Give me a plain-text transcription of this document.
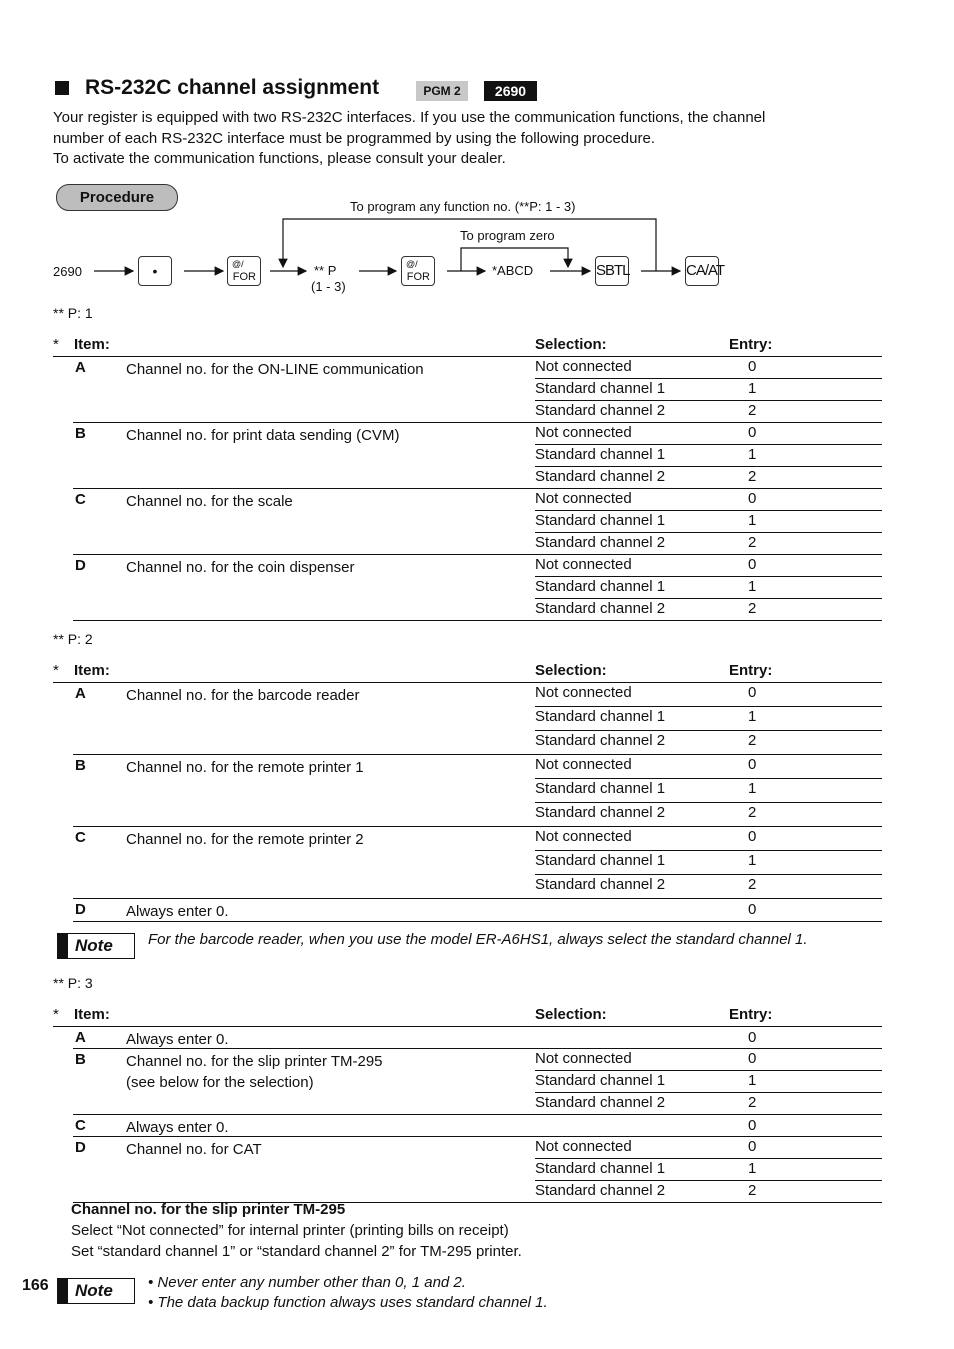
RS-232C channel assignment	PGM 2	2690
Your register is equipped with two RS-232C interfaces. If you use the communication functions, the channel
number of each RS-232C interface must be programmed by using the following procedure.
To activate the communication functions, please consult your dealer.
Procedure
To program any function no. (**P: 1 - 3)
To program zero
2690	•	@/
FOR	** P
(1 - 3)
@/
FOR	*ABCD	SBTL	CA/AT
** P: 1
* Item:	Selection:	Entry:
A	Channel no. for the ON-LINE communication	Not connected	0
Standard channel 1	1
Standard channel 2	2
B	Channel no. for print data sending (CVM)	Not connected	0
Standard channel 1	1
Standard channel 2	2
C	Channel no. for the scale	Not connected	0
Standard channel 1	1
Standard channel 2	2
D	Channel no. for the coin dispenser	Not connected	0
Standard channel 1	1
Standard channel 2	2
** P: 2
* Item:	Selection:	Entry:
A	Channel no. for the barcode reader	Not connected	0
Standard channel 1	1
Standard channel 2	2
B	Channel no. for the remote printer 1	Not connected	0
Standard channel 1	1
Standard channel 2	2
C	Channel no. for the remote printer 2	Not connected	0
Standard channel 1	1
Standard channel 2	2
D	Always enter 0.	0
Note For the barcode reader, when you use the model ER-A6HS1, always select the standard channel 1.
** P: 3
* Item:	Selection:	Entry:
A	Always enter 0.	0
B	Channel no. for the slip printer TM-295
(see below for the selection)
Not connected	0
Standard channel 1	1
Standard channel 2	2
C	Always enter 0.	0
D	Channel no. for CAT	Not connected	0
Standard channel 1	1
Standard channel 2	2
Channel no. for the slip printer TM-295
Select “Not connected” for internal printer (printing bills on receipt)
Set “standard channel 1” or “standard channel 2” for TM-295 printer.
166 Note • Never enter any number other than 0, 1 and 2.
• The data backup function always uses standard channel 1.
